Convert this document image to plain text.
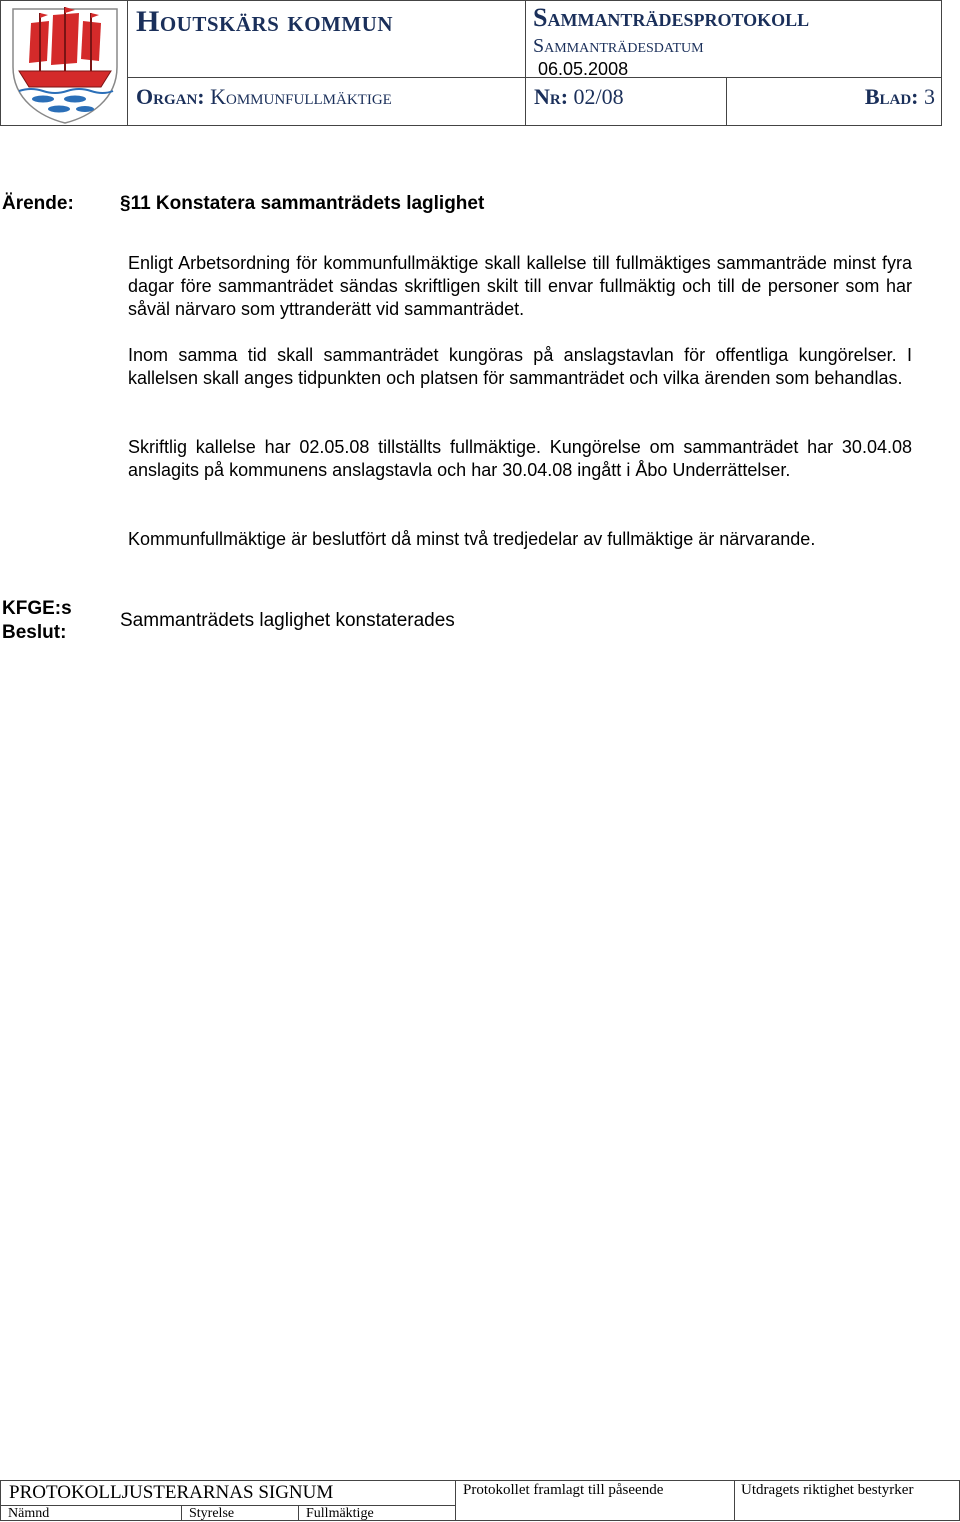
Houtskärs kommun	Sammanträdesprotokoll
Sammanträdesdatum
06.05.2008
Organ: Kommunfullmäktige	Nr: 02/08	Blad: 3
Ärende: §11 Konstatera sammanträdets laglighet
Enligt Arbetsordning för kommunfullmäktige skall kallelse till fullmäktiges sammanträde minst fyra dagar före sammanträdet sändas skriftligen skilt till envar fullmäktig och till de personer som har såväl närvaro som yttranderätt vid sammanträdet.
Inom samma tid skall sammanträdet kungöras på anslagstavlan för offentliga kungörelser. I kallelsen skall anges tidpunkten och platsen för sammanträdet och vilka ärenden som behandlas.
Skriftlig kallelse har 02.05.08 tillställts fullmäktige. Kungörelse om sammanträdet har 30.04.08 anslagits på kommunens anslagstavla och har 30.04.08 ingått i Åbo Underrättelser.
Kommunfullmäktige är beslutfört då minst två tredjedelar av fullmäktige är närvarande.
KFGE:s
Beslut:
Sammanträdets laglighet konstaterades
PROTOKOLLJUSTERARNAS SIGNUM	Protokollet framlagt till påseende	Utdragets riktighet bestyrker
Nämnd	Styrelse	Fullmäktige
